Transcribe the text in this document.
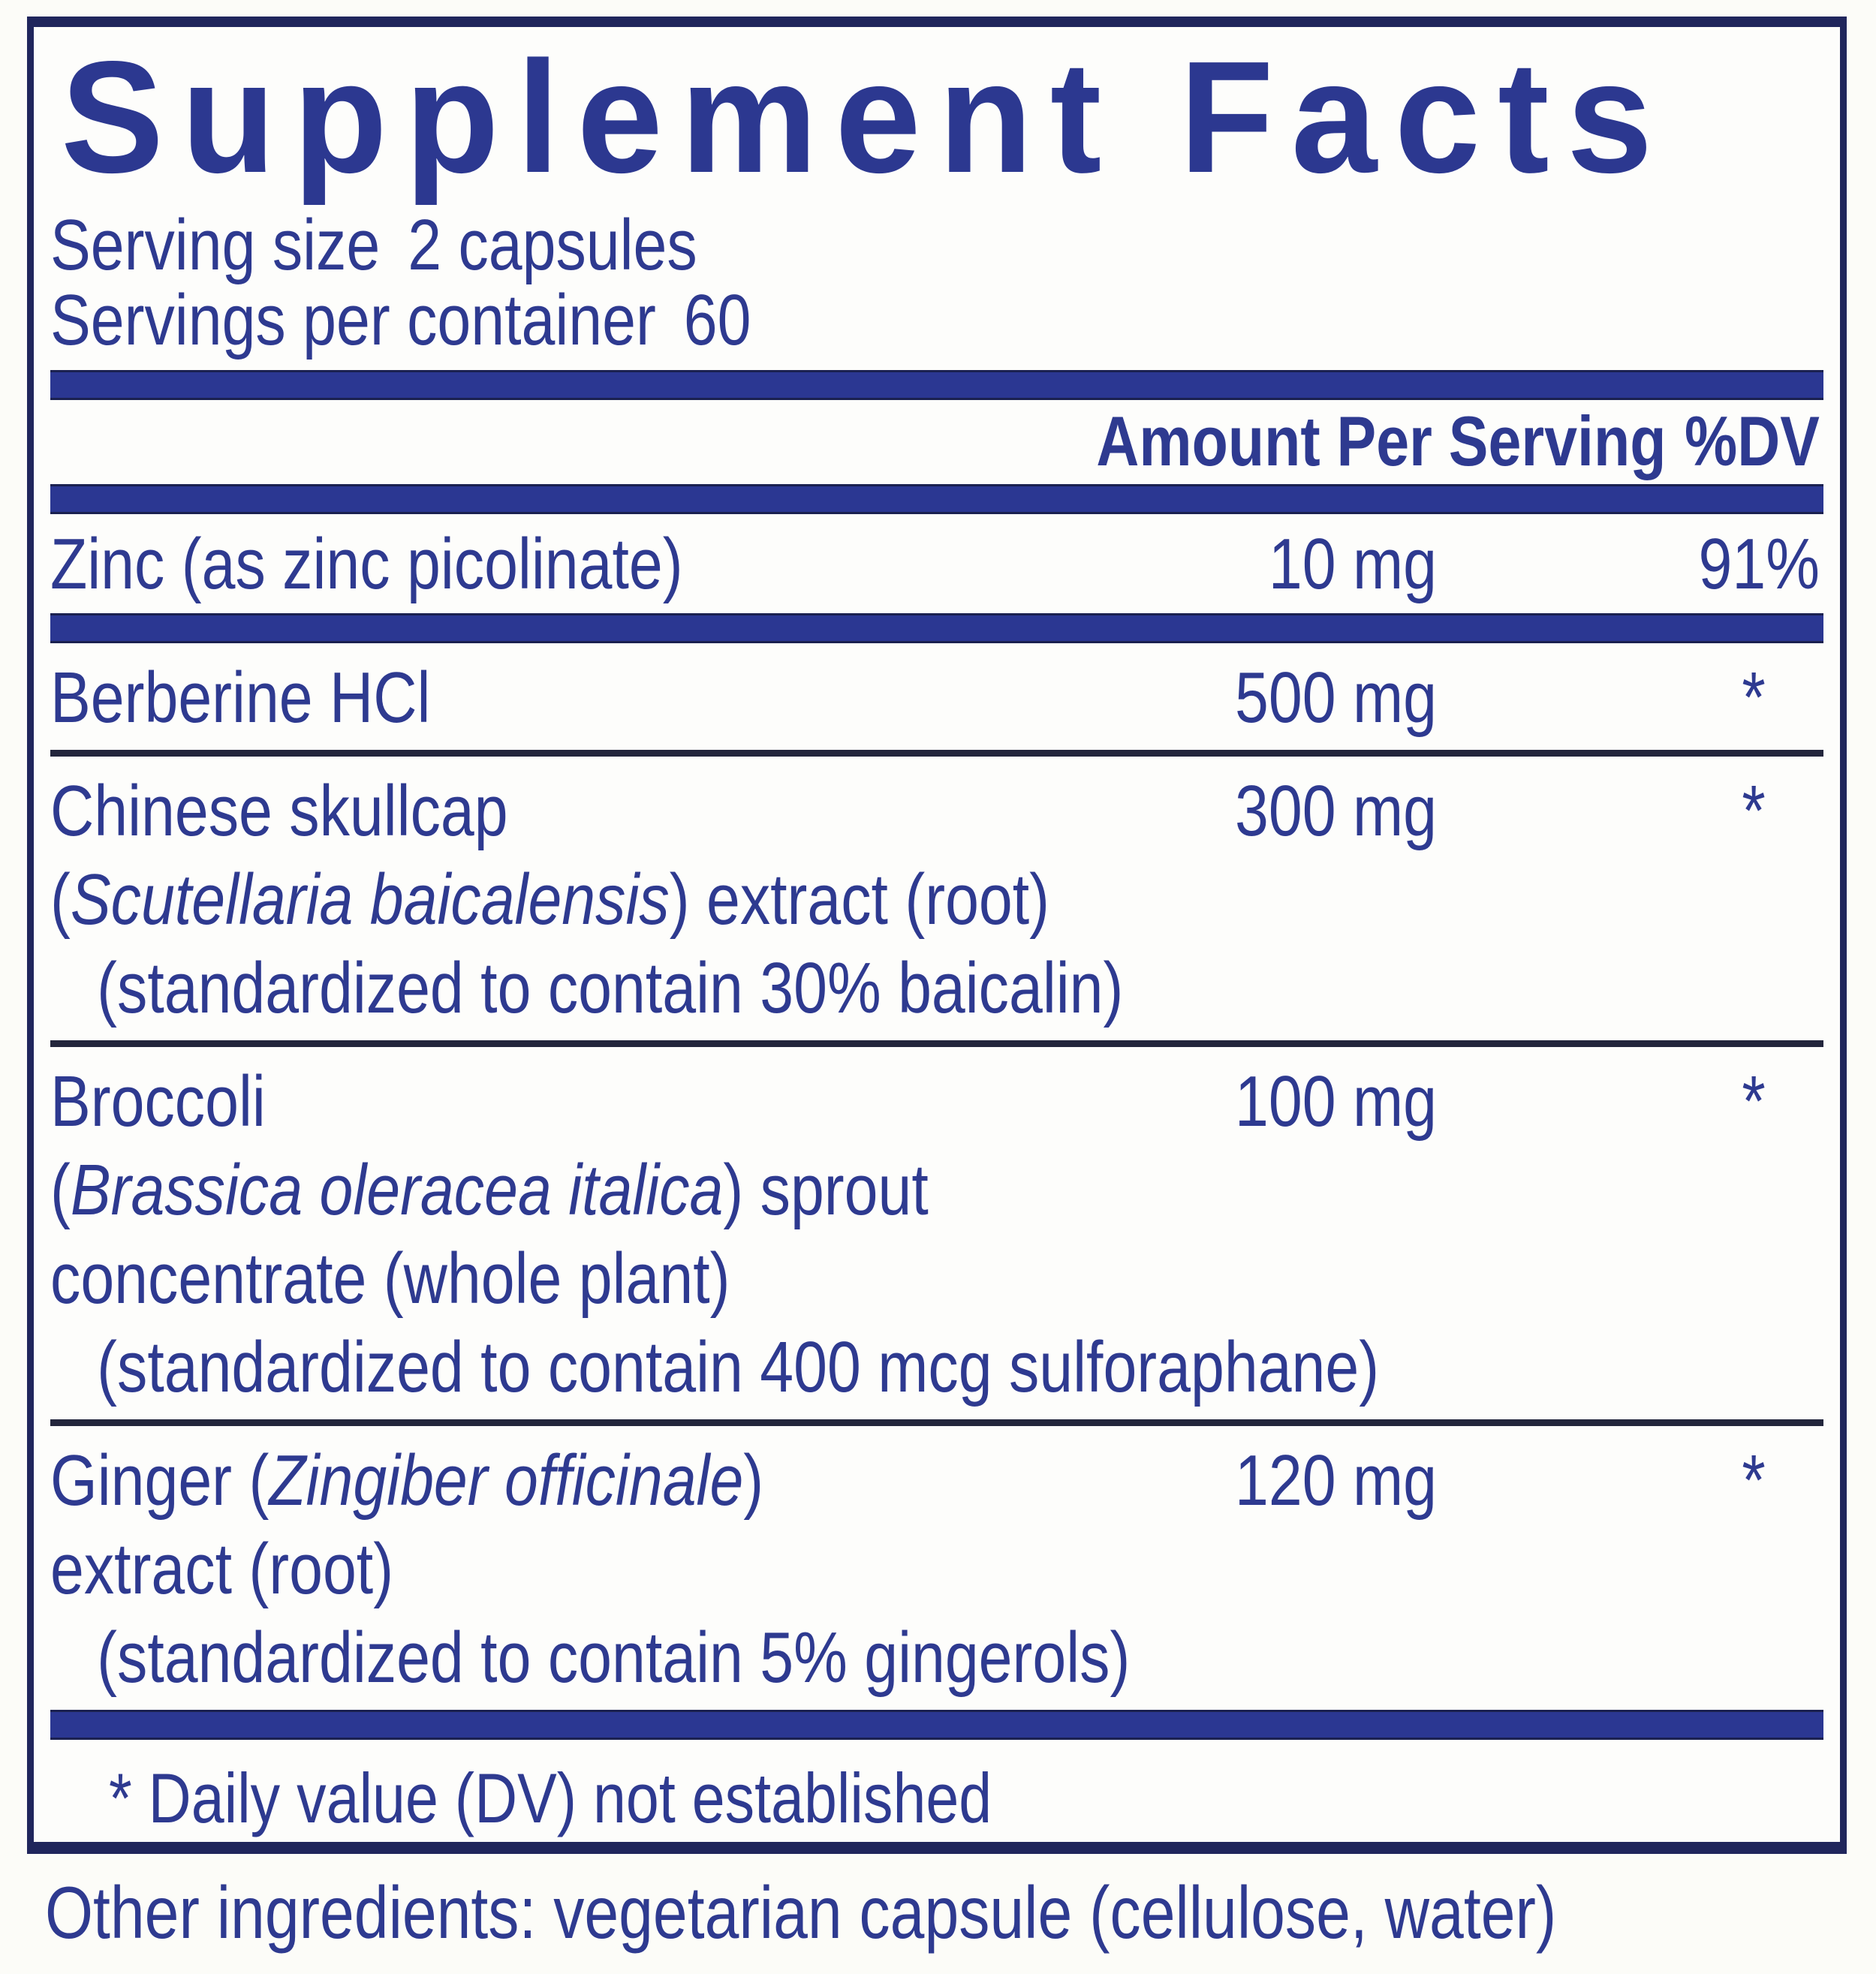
Supplement Facts
Serving size 2 capsules
Servings per container 60
Amount Per Serving %DV
Zinc (as zinc picolinate)	10 mg	91%
Berberine HCl	500 mg	*
Chinese skullcap	300 mg	*
(Scutellaria baicalensis) extract (root)
(standardized to contain 30% baicalin)
Broccoli	100 mg	*
(Brassica oleracea italica) sprout
concentrate (whole plant)
(standardized to contain 400 mcg sulforaphane)
Ginger (Zingiber officinale)	120 mg	*
extract (root)
(standardized to contain 5% gingerols)
* Daily value (DV) not established
Other ingredients: vegetarian capsule (cellulose, water)
